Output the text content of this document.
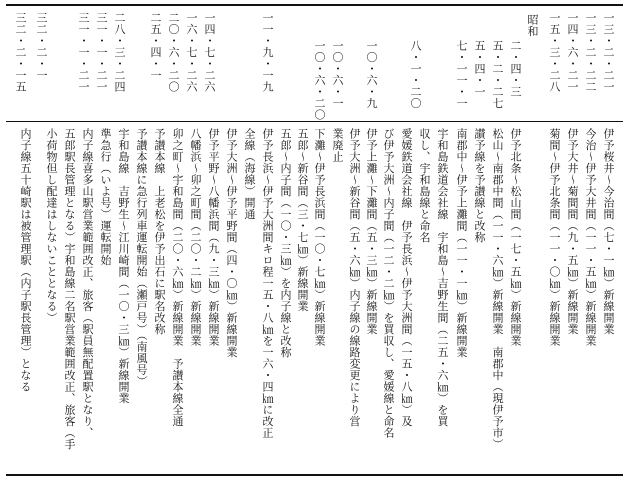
一三・二・二一
一三・二・二二
一四・六・二一
一五・三・二八
昭和
二・四・三
五・二・二七
五・四・一
七・一一・一
八・一・二〇
一〇・六・九
一〇・六・一
一〇・六・二〇
一一・九・一九
一四・七・二六
一六・七・二六
二〇・六・二〇
二五・四・一
二八・三・二四
三一・一・二一
三一・一・二一
三二・二・一
三二・二・一五
伊予桜井〜今治間（七・一㎞）新線開業
今治〜伊予大井間（一一・五㎞）新線開業
伊予大井〜菊間間（九・五㎞）新線開業
菊間〜伊予北条間（一一・〇㎞）新線開業
伊予北条〜松山間（一七・五㎞）新線開業
松山〜南郡中間（一一・六㎞）新線開業　南郡中（現伊予市）
讃予線を予讃線と改称
南郡中〜伊予上灘間（一一・一㎞）新線開業
宇和島鉄道会社線　宇和島〜吉野生間（二五・六㎞）を買
収し、宇和島線と命名
愛媛鉄道会社線　伊予長浜〜伊予大洲間（一五・八㎞）及
び伊予大洲〜内子間（一二・二㎞）を買収し、愛媛線と命名
伊予上灘〜下灘間（五・三㎞）新線開業
伊予大洲〜新谷間（五・六㎞）内子線の線路変更により営
業廃止
下灘〜伊予長浜間（一〇・七㎞）新線開業
五郎〜新谷間（三・七㎞）新線開業
五郎〜内子間（一〇・三㎞）を内子線と改称
伊予長浜〜伊予大洲間キロ程一五・八㎞を一六・四㎞に改正
全線（海線）開通
伊予大洲〜伊予平野間（四・〇㎞）新線開業
伊予平野〜八幡浜間（九・三㎞）新線開業
八幡浜〜卯之町間（二〇・二㎞）新線開業
卯之町〜宇和島間（二〇・六㎞）新線開業　予讃本線全通
予讃本線　上老松を伊予出石に駅名改称
予讃本線に急行列車運転開始（瀬戸号）（南風号）
宇和島線　吉野生〜江川崎間（一〇・三㎞）新線開業
準急行（いよ号）運転開始
内子線喜多山駅営業範囲改正、旅客（駅員無配置駅となり、
五郎駅長管理となる）宇和島線二名駅営業範囲改正、旅客（手
小荷物但し配達はしないこととなる）
内子線五十崎駅は被管理駅（内子駅長管理）となる
